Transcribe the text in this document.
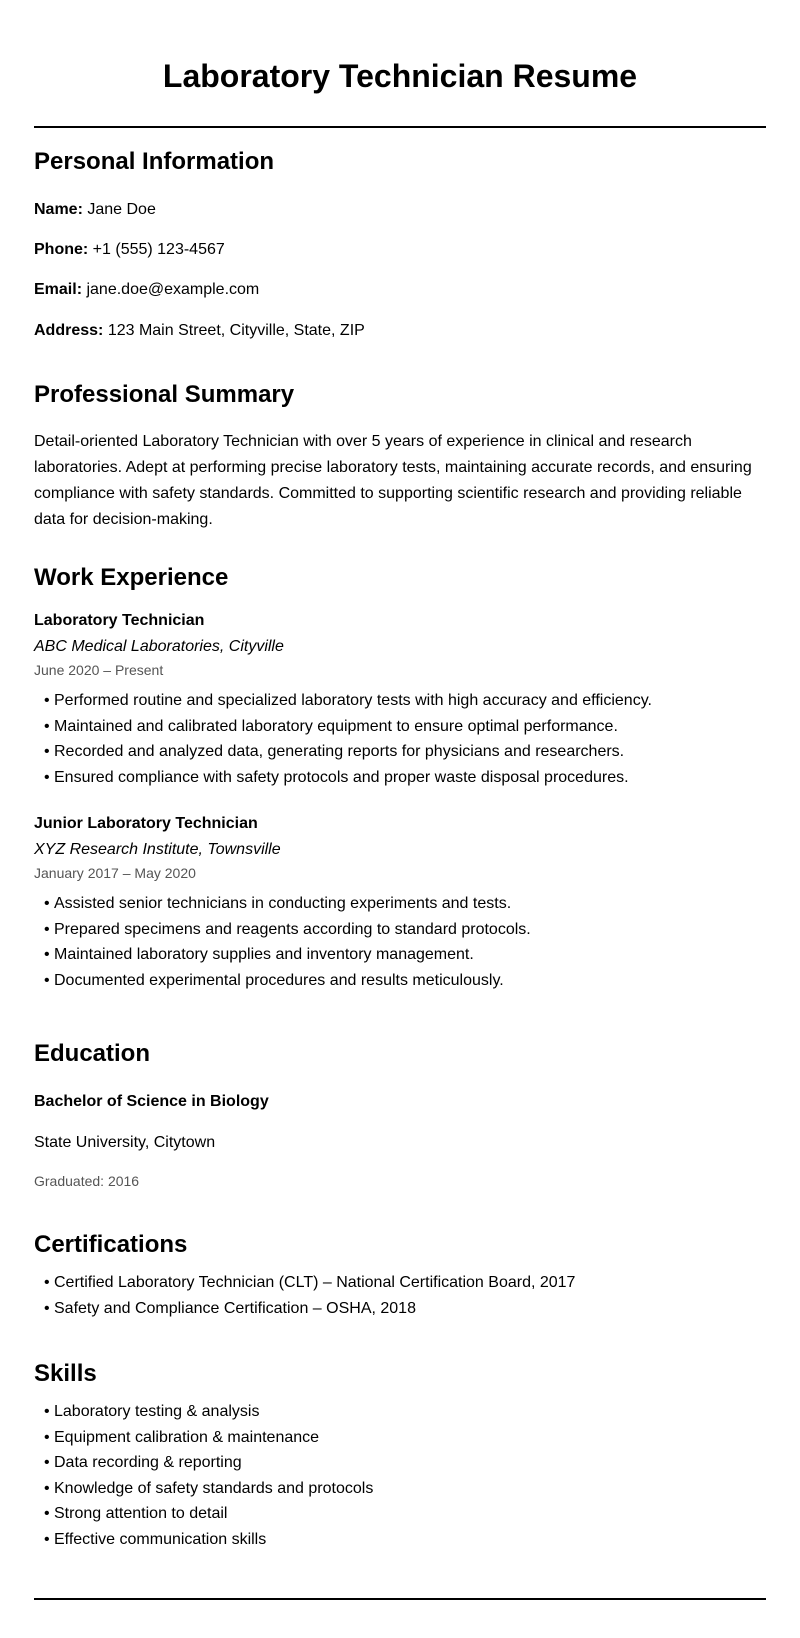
Laboratory Technician Resume
Personal Information
Name: Jane Doe
Phone: +1 (555) 123-4567
Email: jane.doe@example.com
Address: 123 Main Street, Cityville, State, ZIP
Professional Summary

Detail-oriented Laboratory Technician with over 5 years of experience in clinical and research
laboratories. Adept at performing precise laboratory tests, maintaining accurate records, and ensuring
compliance with safety standards. Committed to supporting scientific research and providing reliable
data for decision-making.

Work Experience
Laboratory Technician
ABC Medical Laboratories, Cityville
June 2020 – Present
• Performed routine and specialized laboratory tests with high accuracy and efficiency.
• Maintained and calibrated laboratory equipment to ensure optimal performance.
• Recorded and analyzed data, generating reports for physicians and researchers.
• Ensured compliance with safety protocols and proper waste disposal procedures.
Junior Laboratory Technician
XYZ Research Institute, Townsville
January 2017 – May 2020
• Assisted senior technicians in conducting experiments and tests.
• Prepared specimens and reagents according to standard protocols.
• Maintained laboratory supplies and inventory management.
• Documented experimental procedures and results meticulously.
Education
Bachelor of Science in Biology
State University, Citytown
Graduated: 2016
Certifications
• Certified Laboratory Technician (CLT) – National Certification Board, 2017
• Safety and Compliance Certification – OSHA, 2018
Skills
• Laboratory testing & analysis
• Equipment calibration & maintenance
• Data recording & reporting
• Knowledge of safety standards and protocols
• Strong attention to detail
• Effective communication skills
